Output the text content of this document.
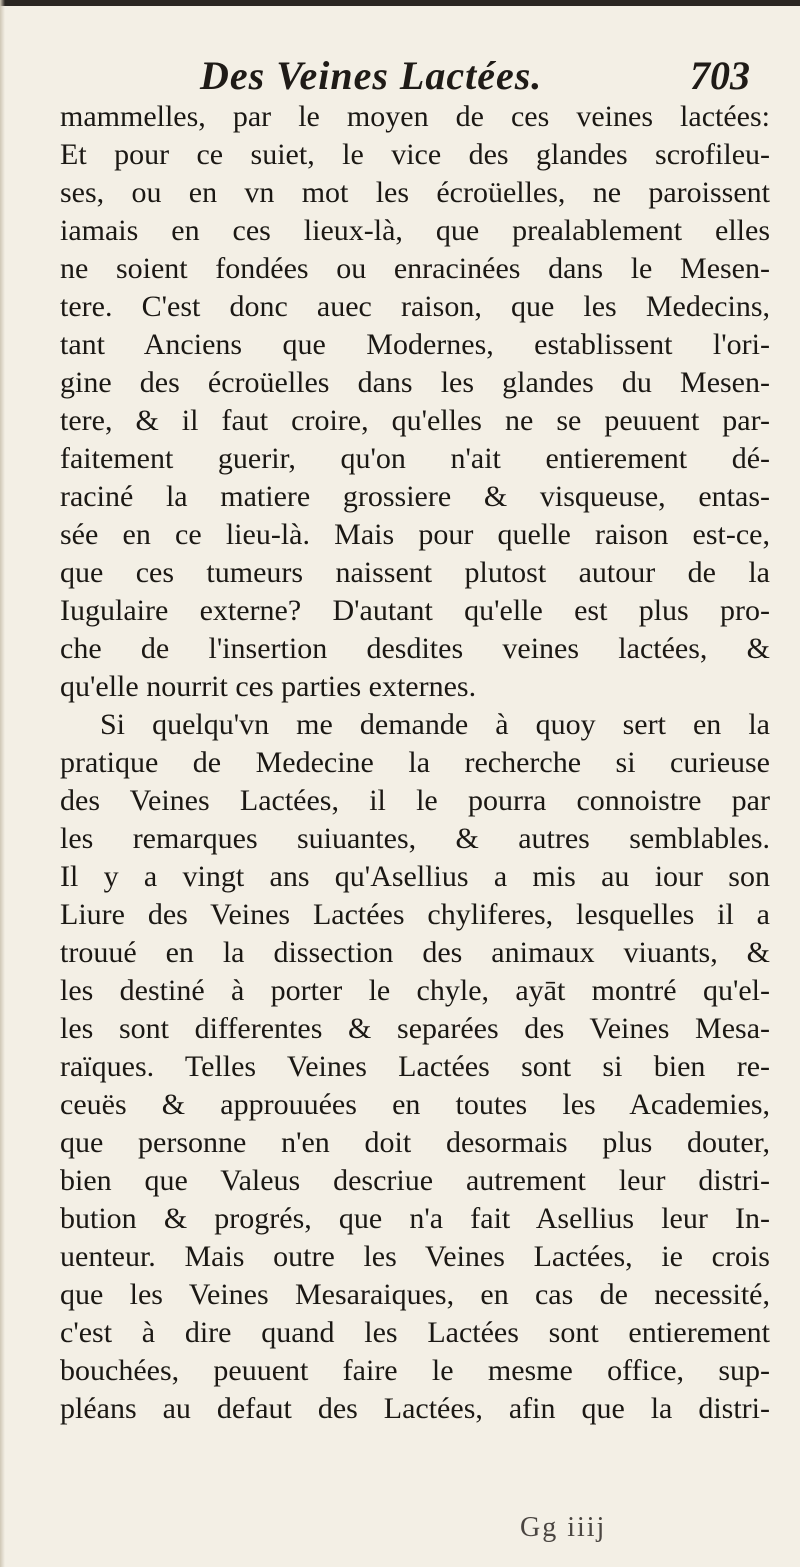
Des Veines Lactées.	703
mammelles, par le moyen de ces veines lactées:
Et pour ce suiet, le vice des glandes scrofileu-
ses, ou en vn mot les écroüelles, ne paroissent
iamais en ces lieux-là, que prealablement elles
ne soient fondées ou enracinées dans le Mesen-
tere. C'est donc auec raison, que les Medecins,
tant Anciens que Modernes, establissent l'ori-
gine des écroüelles dans les glandes du Mesen-
tere, & il faut croire, qu'elles ne se peuuent par-
faitement guerir, qu'on n'ait entierement dé-
raciné la matiere grossiere & visqueuse, entas-
sée en ce lieu-là. Mais pour quelle raison est-ce,
que ces tumeurs naissent plutost autour de la
Iugulaire externe? D'autant qu'elle est plus pro-
che de l'insertion desdites veines lactées, &
qu'elle nourrit ces parties externes.
Si quelqu'vn me demande à quoy sert en la
pratique de Medecine la recherche si curieuse
des Veines Lactées, il le pourra connoistre par
les remarques suiuantes, & autres semblables.
Il y a vingt ans qu'Asellius a mis au iour son
Liure des Veines Lactées chyliferes, lesquelles il a
trouué en la dissection des animaux viuants, &
les destiné à porter le chyle, ayāt montré qu'el-
les sont differentes & separées des Veines Mesa-
raïques. Telles Veines Lactées sont si bien re-
ceuës & approuuées en toutes les Academies,
que personne n'en doit desormais plus douter,
bien que Valeus descriue autrement leur distri-
bution & progrés, que n'a fait Asellius leur In-
uenteur. Mais outre les Veines Lactées, ie crois
que les Veines Mesaraiques, en cas de necessité,
c'est à dire quand les Lactées sont entierement
bouchées, peuuent faire le mesme office, sup-
pléans au defaut des Lactées, afin que la distri-
Gg iiij
